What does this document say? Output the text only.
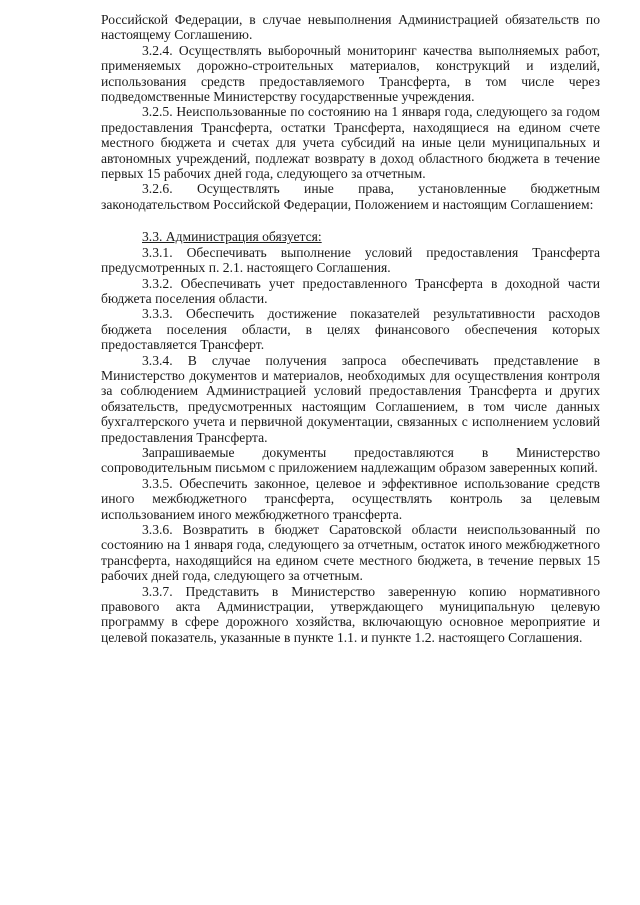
Российской Федерации, в случае невыполнения Администрацией обязательств по настоящему Соглашению.

3.2.4. Осуществлять выборочный мониторинг качества выполняемых работ, применяемых дорожно-строительных материалов, конструкций и изделий, использования средств предоставляемого Трансферта, в том числе через подведомственные Министерству государственные учреждения.

3.2.5. Неиспользованные по состоянию на 1 января года, следующего за годом предоставления Трансферта, остатки Трансферта, находящиеся на едином счете местного бюджета и счетах для учета субсидий на иные цели муниципальных и автономных учреждений, подлежат возврату в доход областного бюджета в течение первых 15 рабочих дней года, следующего за отчетным.

3.2.6. Осуществлять иные права, установленные бюджетным законодательством Российской Федерации, Положением и настоящим Соглашением:

3.3. Администрация обязуется:

3.3.1. Обеспечивать выполнение условий предоставления Трансферта предусмотренных п. 2.1. настоящего Соглашения.

3.3.2. Обеспечивать учет предоставленного Трансферта в доходной части бюджета поселения области.

3.3.3. Обеспечить достижение показателей результативности расходов бюджета поселения области, в целях финансового обеспечения которых предоставляется Трансферт.

3.3.4. В случае получения запроса обеспечивать представление в Министерство документов и материалов, необходимых для осуществления контроля за соблюдением Администрацией условий предоставления Трансферта и других обязательств, предусмотренных настоящим Соглашением, в том числе данных бухгалтерского учета и первичной документации, связанных с исполнением условий предоставления Трансферта.

Запрашиваемые документы предоставляются в Министерство сопроводительным письмом с приложением надлежащим образом заверенных копий.

3.3.5. Обеспечить законное, целевое и эффективное использование средств иного межбюджетного трансферта, осуществлять контроль за целевым использованием иного межбюджетного трансферта.

3.3.6. Возвратить в бюджет Саратовской области неиспользованный по состоянию на 1 января года, следующего за отчетным, остаток иного межбюджетного трансферта, находящийся на едином счете местного бюджета, в течение первых 15 рабочих дней года, следующего за отчетным.

3.3.7. Представить в Министерство заверенную копию нормативного правового акта Администрации, утверждающего муниципальную целевую программу в сфере дорожного хозяйства, включающую основное мероприятие и целевой показатель, указанные в пункте 1.1. и пункте 1.2. настоящего Соглашения.
